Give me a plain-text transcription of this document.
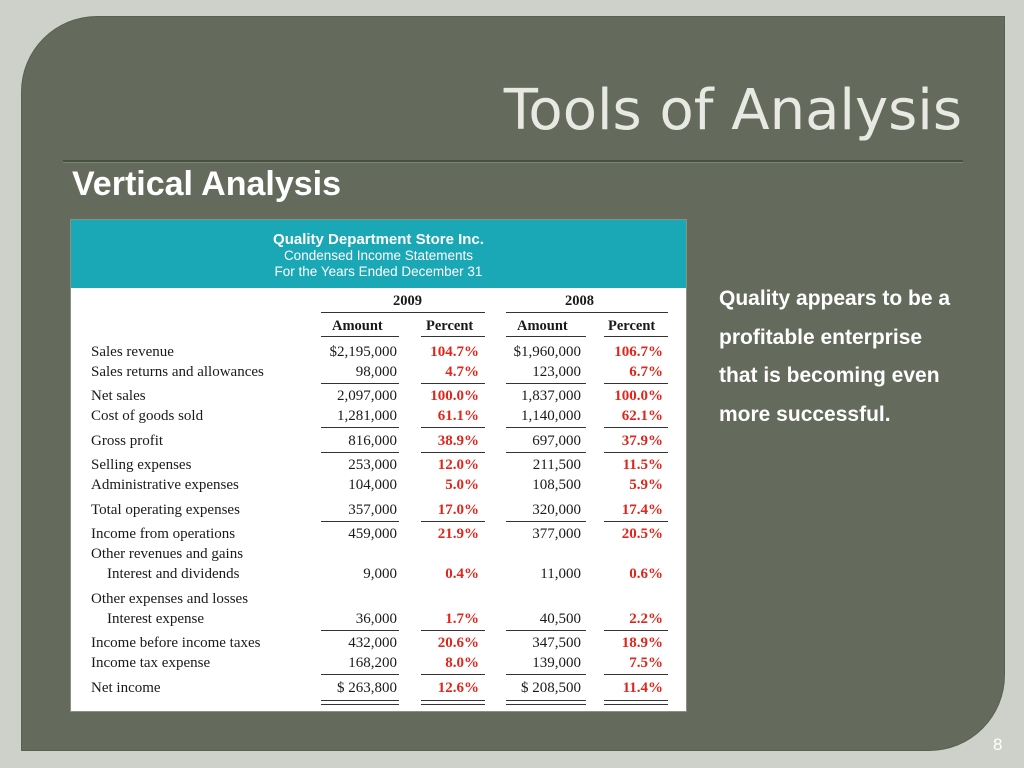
Tools of Analysis
Vertical Analysis
Quality Department Store Inc.
Condensed Income Statements
For the Years Ended December 31
2009	2008
Amount	Percent	Amount	Percent
Sales revenue	$2,195,000	104.7%	$1,960,000	106.7%
Sales returns and allowances	98,000	4.7%	123,000	6.7%
Net sales	2,097,000	100.0%	1,837,000	100.0%
Cost of goods sold	1,281,000	61.1%	1,140,000	62.1%
Gross profit	816,000	38.9%	697,000	37.9%
Selling expenses	253,000	12.0%	211,500	11.5%
Administrative expenses	104,000	5.0%	108,500	5.9%
Total operating expenses	357,000	17.0%	320,000	17.4%
Income from operations	459,000	21.9%	377,000	20.5%
Other revenues and gains
Interest and dividends	9,000	0.4%	11,000	0.6%
Other expenses and losses
Interest expense	36,000	1.7%	40,500	2.2%
Income before income taxes	432,000	20.6%	347,500	18.9%
Income tax expense	168,200	8.0%	139,000	7.5%
Net income	$ 263,800	12.6%	$ 208,500	11.4%
Quality appears to be a profitable enterprise that is becoming even more successful.
8
